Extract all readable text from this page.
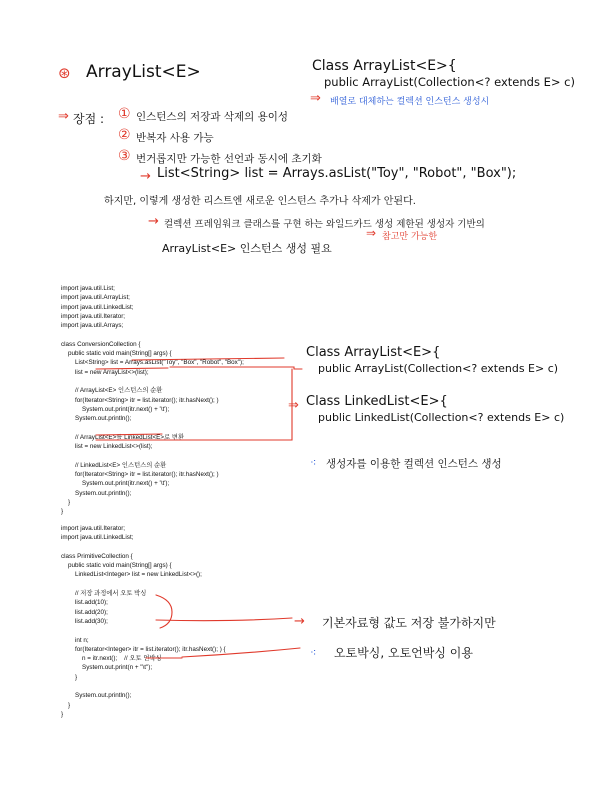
⊛ ArrayList<E>	Class ArrayList<E>{
public ArrayList(Collection<? extends E> c)
⇒ 배열로 대체하는 컬렉션 인스턴스 생성시
⇒ 장점 : ① 인스턴스의 저장과 삭제의 용이성
② 반복자 사용 가능
③ 번거롭지만 가능한 선언과 동시에 초기화
→ List<String> list = Arrays.asList("Toy", "Robot", "Box");
하지만, 이렇게 생성한 리스트엔 새로운 인스턴스 추가나 삭제가 안된다.
→ 컬렉션 프레임워크 클래스를 구현 하는 와일드카드 생성 제한된 생성자 기반의
⇒ 참고만 가능한
ArrayList<E> 인스턴스 생성 필요
import java.util.List;
import java.util.ArrayList;
import java.util.LinkedList;
import java.util.Iterator;
import java.util.Arrays;
class ConversionCollection {
public static void main(String[] args) {
List<String> list = Arrays.asList("Toy", "Box", "Robot", "Box");
list = new ArrayList<>(list);
// ArrayList<E> 인스턴스의 순환
for(Iterator<String> itr = list.iterator(); itr.hasNext(); )
System.out.print(itr.next() + '\t');
System.out.println();
// ArrayList<E>를 LinkedList<E>로 변환
list = new LinkedList<>(list);
// LinkedList<E> 인스턴스의 순환
for(Iterator<String> itr = list.iterator(); itr.hasNext(); )
System.out.print(itr.next() + '\t');
System.out.println();
}
}
import java.util.Iterator;
import java.util.LinkedList;
class PrimitiveCollection {
public static void main(String[] args) {
LinkedList<Integer> list = new LinkedList<>();
// 저장 과정에서 오토 박싱
list.add(10);
list.add(20);
list.add(30);
int n;
for(Iterator<Integer> itr = list.iterator(); itr.hasNext(); ) {
n = itr.next();    // 오토 언박싱
System.out.print(n + "\t");
}
System.out.println();
}
}
Class ArrayList<E>{
public ArrayList(Collection<? extends E> c)
⇒ Class LinkedList<E>{
public LinkedList(Collection<? extends E> c)
⁖ 생성자를 이용한 컬렉션 인스턴스 생성
→ 기본자료형 값도 저장 불가하지만
⁖ 오토박싱, 오토언박싱 이용
